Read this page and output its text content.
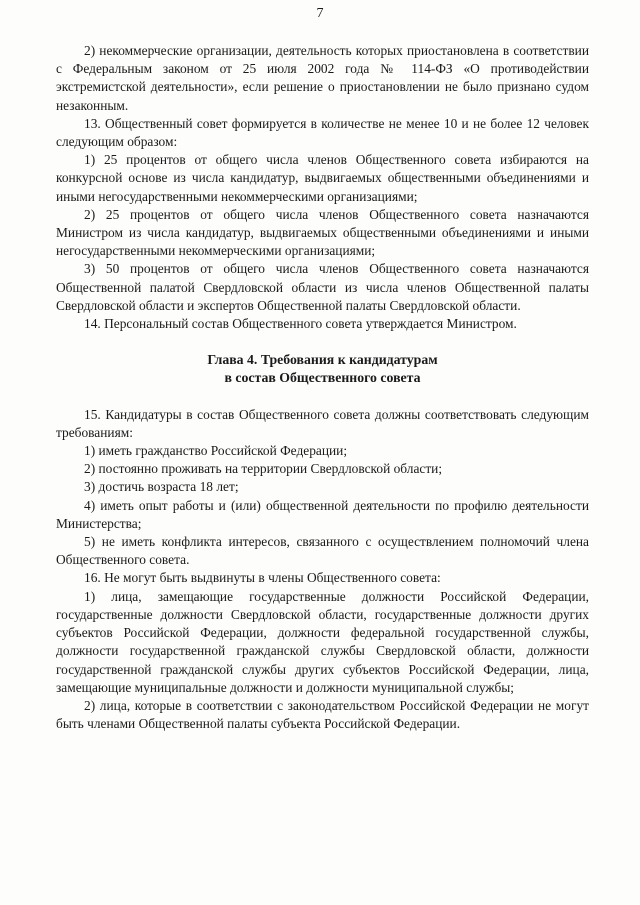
7

2) некоммерческие организации, деятельность которых приостановлена в соответствии с Федеральным законом от 25 июля 2002 года № 114-ФЗ «О противодействии экстремистской деятельности», если решение о приостановлении не было признано судом незаконным.

13. Общественный совет формируется в количестве не менее 10 и не более 12 человек следующим образом:

1) 25 процентов от общего числа членов Общественного совета избираются на конкурсной основе из числа кандидатур, выдвигаемых общественными объединениями и иными негосударственными некоммерческими организациями;

2) 25 процентов от общего числа членов Общественного совета назначаются Министром из числа кандидатур, выдвигаемых общественными объединениями и иными негосударственными некоммерческими организациями;

3) 50 процентов от общего числа членов Общественного совета назначаются Общественной палатой Свердловской области из числа членов Общественной палаты Свердловской области и экспертов Общественной палаты Свердловской области.

14. Персональный состав Общественного совета утверждается Министром.

Глава 4. Требования к кандидатурам
в состав Общественного совета

15. Кандидатуры в состав Общественного совета должны соответствовать следующим требованиям:

1) иметь гражданство Российской Федерации;

2) постоянно проживать на территории Свердловской области;

3) достичь возраста 18 лет;

4) иметь опыт работы и (или) общественной деятельности по профилю деятельности Министерства;

5) не иметь конфликта интересов, связанного с осуществлением полномочий члена Общественного совета.

16. Не могут быть выдвинуты в члены Общественного совета:

1) лица, замещающие государственные должности Российской Федерации, государственные должности Свердловской области, государственные должности других субъектов Российской Федерации, должности федеральной государственной службы, должности государственной гражданской службы Свердловской области, должности государственной гражданской службы других субъектов Российской Федерации, лица, замещающие муниципальные должности и должности муниципальной службы;

2) лица, которые в соответствии с законодательством Российской Федерации не могут быть членами Общественной палаты субъекта Российской Федерации.
